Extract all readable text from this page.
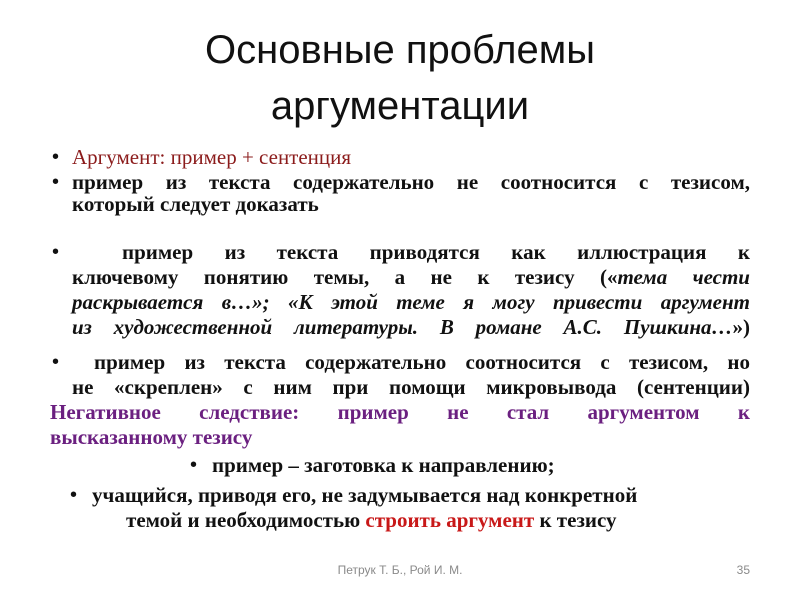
Основные проблемы
аргументации
• Аргумент: пример + сентенция
• пример из текста содержательно не соотносится с тезисом,
который следует доказать
•	пример из текста приводятся как иллюстрация к
ключевому понятию темы, а не к тезису («тема чести
раскрывается в…»; «К этой теме я могу привести аргумент
из художественной литературы. В романе А.С. Пушкина…»)
•	пример из текста содержательно соотносится с тезисом, но
не «скреплен» с ним при помощи микровывода (сентенции)
Негативное следствие: пример не стал аргументом к
высказанному тезису
• пример – заготовка к направлению;
• учащийся, приводя его, не задумывается над конкретной
темой и необходимостью строить аргумент к тезису
Петрук Т. Б., Рой И. М.	35
